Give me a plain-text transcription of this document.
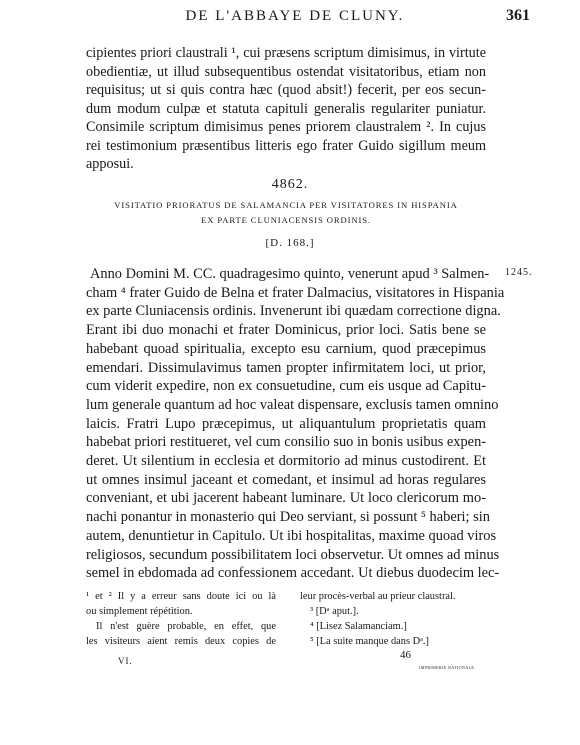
DE L'ABBAYE DE CLUNY.	361
cipientes priori claustrali ¹, cui præsens scriptum dimisimus, in virtute
obedientiæ, ut illud subsequentibus ostendat visitatoribus, etiam non
requisitus; ut si quis contra hæc (quod absit!) fecerit, per eos secun-
dum modum culpæ et statuta capituli generalis regulariter puniatur.
Consimile scriptum dimisimus penes priorem claustralem ². In cujus
rei testimonium præsentibus litteris ego frater Guido sigillum meum
apposui.
4862.
VISITATIO PRIORATUS DE SALAMANCIA PER VISITATORES IN HISPANIA
EX PARTE CLUNIACENSIS ORDINIS.
[D. 168.]
1245.
Anno Domini M. CC. quadragesimo quinto, venerunt apud ³ Salmen-
cham ⁴ frater Guido de Belna et frater Dalmacius, visitatores in Hispania
ex parte Cluniacensis ordinis. Invenerunt ibi quædam correctione digna.
Erant ibi duo monachi et frater Dominicus, prior loci. Satis bene se
habebant quoad spiritualia, excepto esu carnium, quod præcepimus
emendari. Dissimulavimus tamen propter infirmitatem loci, ut prior,
cum viderit expedire, non ex consuetudine, cum eis usque ad Capitu-
lum generale quantum ad hoc valeat dispensare, exclusis tamen omnino
laicis. Fratri Lupo præcepimus, ut aliquantulum proprietatis quam
habebat priori restitueret, vel cum consilio suo in bonis usibus expen-
deret. Ut silentium in ecclesia et dormitorio ad minus custodirent. Et
ut omnes insimul jaceant et comedant, et insimul ad horas regulares
conveniant, et ubi jacerent habeant luminare. Ut loco clericorum mo-
nachi ponantur in monasterio qui Deo serviant, si possunt ⁵ haberi; sin
autem, denuntietur in Capitulo. Ut ibi hospitalitas, maxime quoad viros
religiosos, secundum possibilitatem loci observetur. Ut omnes ad minus
semel in ebdomada ad confessionem accedant. Ut diebus duodecim lec-
¹ et ² Il y a erreur sans doute ici ou là
ou simplement répétition.
Il n'est guère probable, en effet, que
les visiteurs aient remis deux copies de
leur procès-verbal au prieur claustral.
³ [Dᵃ aput.].
⁴ [Lisez Salamanciam.]
⁵ [La suite manque dans Dᵃ.]
VI.	46
IMPRIMERIE NATIONALE.
